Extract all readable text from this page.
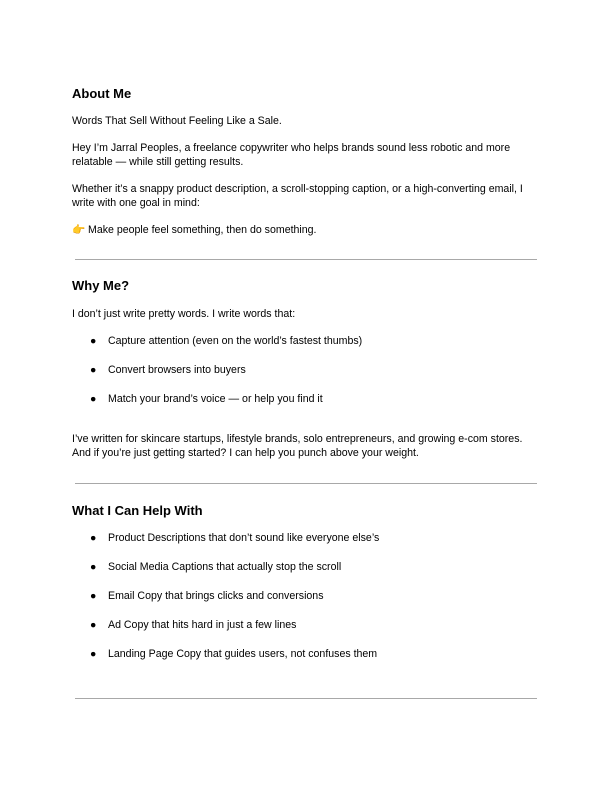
About Me

Words That Sell Without Feeling Like a Sale.

Hey I’m Jarral Peoples, a freelance copywriter who helps brands sound less robotic and more relatable — while still getting results.

Whether it’s a snappy product description, a scroll-stopping caption, or a high-converting email, I write with one goal in mind:

👉 Make people feel something, then do something.

Why Me?

I don’t just write pretty words. I write words that:

● Capture attention (even on the world’s fastest thumbs)
● Convert browsers into buyers
● Match your brand’s voice — or help you find it

I’ve written for skincare startups, lifestyle brands, solo entrepreneurs, and growing e-com stores. And if you’re just getting started? I can help you punch above your weight.

What I Can Help With
● Product Descriptions that don’t sound like everyone else’s
● Social Media Captions that actually stop the scroll
● Email Copy that brings clicks and conversions
● Ad Copy that hits hard in just a few lines
● Landing Page Copy that guides users, not confuses them
